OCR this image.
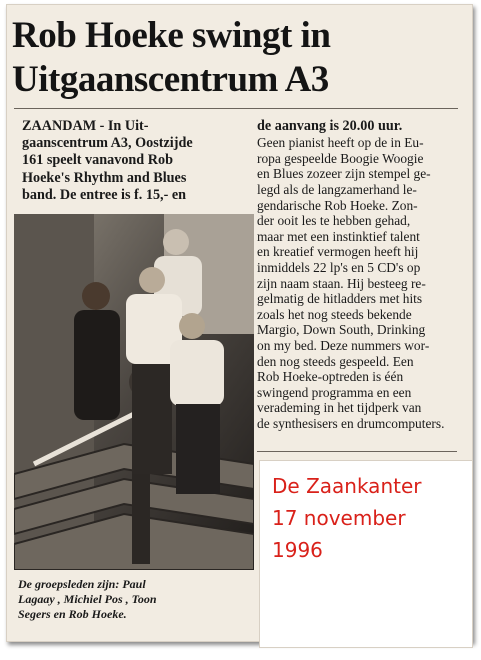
Rob Hoeke swingt in
Uitgaanscentrum A3
ZAANDAM - In Uit-
gaanscentrum A3, Oostzijde
161 speelt vanavond Rob
Hoeke's Rhythm and Blues
band. De entree is f. 15,- en
de aanvang is 20.00 uur.
Geen pianist heeft op de in Eu-
ropa gespeelde Boogie Woogie
en Blues zozeer zijn stempel ge-
legd als de langzamerhand le-
gendarische Rob Hoeke. Zon-
der ooit les te hebben gehad,
maar met een instinktief talent
en kreatief vermogen heeft hij
inmiddels 22 lp's en 5 CD's op
zijn naam staan. Hij besteeg re-
gelmatig de hitladders met hits
zoals het nog steeds bekende
Margio, Down South, Drinking
on my bed. Deze nummers wor-
den nog steeds gespeeld. Een
Rob Hoeke-optreden is één
swingend programma en een
verademing in het tijdperk van
de synthesisers en drumcomputers.
De groepsleden zijn: Paul
Lagaay , Michiel Pos , Toon
Segers en Rob Hoeke.
De Zaankanter
17 november
1996
